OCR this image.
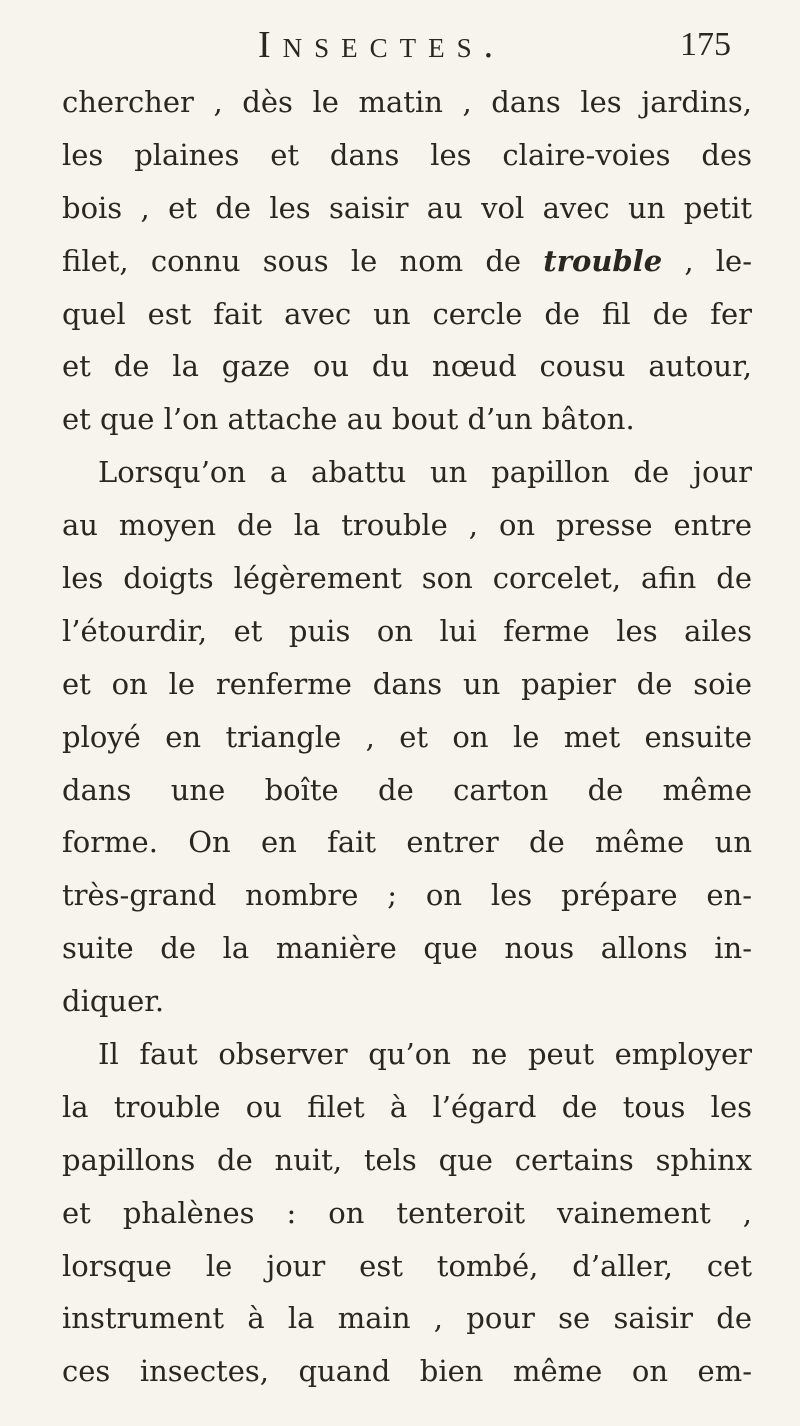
Insectes.	175
chercher , dès le matin , dans les jardins,
les plaines et dans les claire-voies des
bois , et de les saisir au vol avec un petit
filet, connu sous le nom de trouble , le-
quel est fait avec un cercle de fil de fer
et de la gaze ou du nœud cousu autour,
et que l’on attache au bout d’un bâton.
Lorsqu’on a abattu un papillon de jour
au moyen de la trouble , on presse entre
les doigts légèrement son corcelet, afin de
l’étourdir, et puis on lui ferme les ailes
et on le renferme dans un papier de soie
ployé en triangle , et on le met ensuite
dans une boîte de carton de même
forme. On en fait entrer de même un
très-grand nombre ; on les prépare en-
suite de la manière que nous allons in-
diquer.
Il faut observer qu’on ne peut employer
la trouble ou filet à l’égard de tous les
papillons de nuit, tels que certains sphinx
et phalènes : on tenteroit vainement ,
lorsque le jour est tombé, d’aller, cet
instrument à la main , pour se saisir de
ces insectes, quand bien même on em-
